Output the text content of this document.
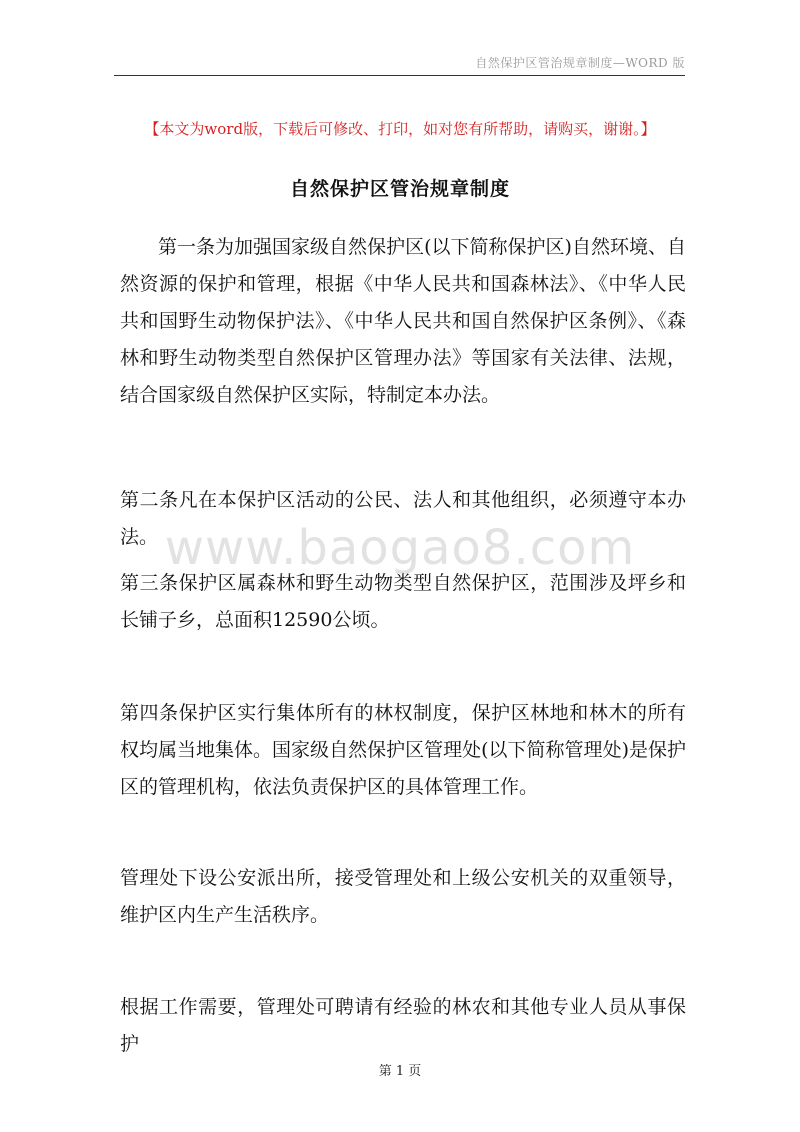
自然保护区管治规章制度—WORD 版
【本文为word版，下载后可修改、打印，如对您有所帮助，请购买，谢谢。】
自然保护区管治规章制度
第一条为加强国家级自然保护区(以下简称保护区)自然环境、自然资源的保护和管理，根据《中华人民共和国森林法》、《中华人民共和国野生动物保护法》、《中华人民共和国自然保护区条例》、《森林和野生动物类型自然保护区管理办法》等国家有关法律、法规，结合国家级自然保护区实际，特制定本办法。
第二条凡在本保护区活动的公民、法人和其他组织，必须遵守本办法。
第三条保护区属森林和野生动物类型自然保护区，范围涉及坪乡和长铺子乡，总面积12590公顷。
第四条保护区实行集体所有的林权制度，保护区林地和林木的所有权均属当地集体。国家级自然保护区管理处(以下简称管理处)是保护区的管理机构，依法负责保护区的具体管理工作。
管理处下设公安派出所，接受管理处和上级公安机关的双重领导，维护区内生产生活秩序。
根据工作需要，管理处可聘请有经验的林农和其他专业人员从事保护
www.baogao8.com
第 1 页
